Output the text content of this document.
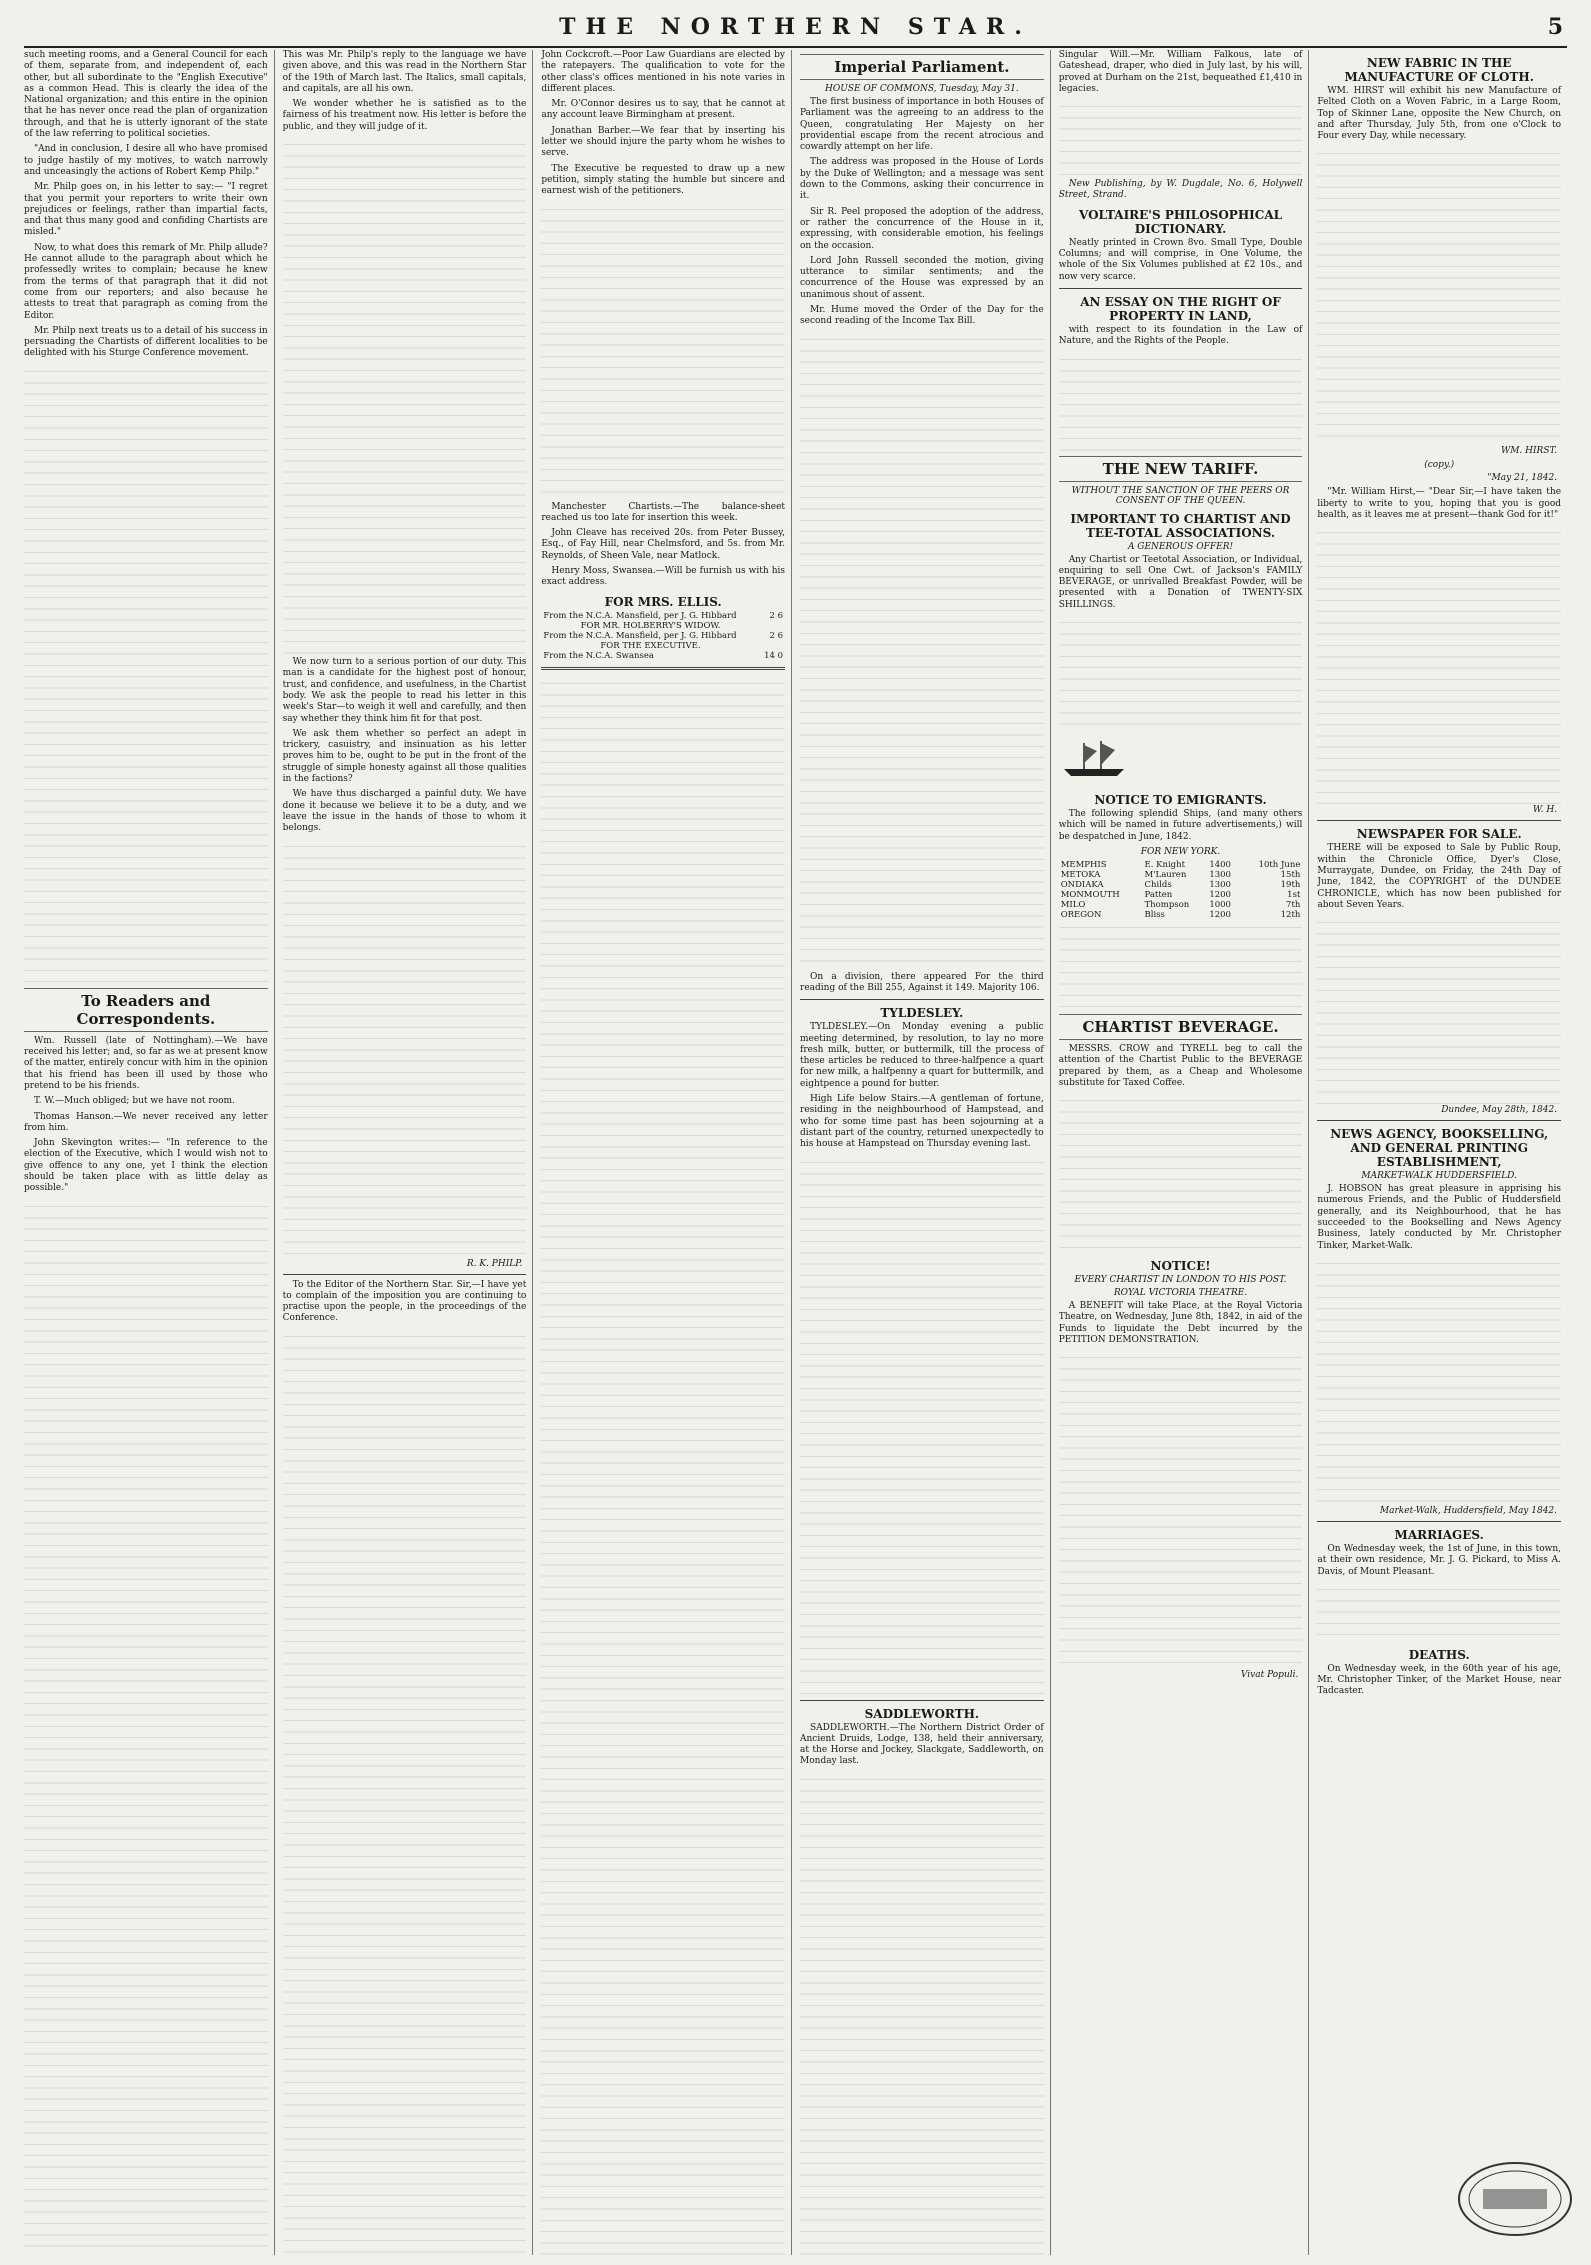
THE NORTHERN STAR.	5

such meeting rooms, and a General Council for each of them, separate from, and independent of, each other, but all subordinate to the "English Executive" as a common Head. This is clearly the idea of the National organization; and this entire in the opinion that he has never once read the plan of organization through, and that he is utterly ignorant of the state of the law referring to political societies.

"And in conclusion, I desire all who have promised to judge hastily of my motives, to watch narrowly and unceasingly the actions of Robert Kemp Philp."

Mr. Philp goes on, in his letter to say:— "I regret that you permit your reporters to write their own prejudices or feelings, rather than impartial facts, and that thus many good and confiding Chartists are misled."

Now, to what does this remark of Mr. Philp allude? He cannot allude to the paragraph about which he professedly writes to complain; because he knew from the terms of that paragraph that it did not come from our reporters; and also because he attests to treat that paragraph as coming from the Editor.

Mr. Philp next treats us to a detail of his success in persuading the Chartists of different localities to be delighted with his Sturge Conference movement.

To Readers and Correspondents.

Wm. Russell (late of Nottingham).—We have received his letter; and, so far as we at present know of the matter, entirely concur with him in the opinion that his friend has been ill used by those who pretend to be his friends.

T. W.—Much obliged; but we have not room.

Thomas Hanson.—We never received any letter from him.

John Skevington writes:— "In reference to the election of the Executive, which I would wish not to give offence to any one, yet I think the election should be taken place with as little delay as possible."

This was Mr. Philp's reply to the language we have given above, and this was read in the Northern Star of the 19th of March last. The Italics, small capitals, and capitals, are all his own.

We wonder whether he is satisfied as to the fairness of his treatment now. His letter is before the public, and they will judge of it.

We now turn to a serious portion of our duty. This man is a candidate for the highest post of honour, trust, and confidence, and usefulness, in the Chartist body. We ask the people to read his letter in this week's Star—to weigh it well and carefully, and then say whether they think him fit for that post.

We ask them whether so perfect an adept in trickery, casuistry, and insinuation as his letter proves him to be, ought to be put in the front of the struggle of simple honesty against all those qualities in the factions?

We have thus discharged a painful duty. We have done it because we believe it to be a duty, and we leave the issue in the hands of those to whom it belongs.

R. K. PHILP.

To the Editor of the Northern Star. Sir,—I have yet to complain of the imposition you are continuing to practise upon the people, in the proceedings of the Conference.

John Cockcroft.—Poor Law Guardians are elected by the ratepayers. The qualification to vote for the other class's offices mentioned in his note varies in different places.

Mr. O'Connor desires us to say, that he cannot at any account leave Birmingham at present.

Jonathan Barber.—We fear that by inserting his letter we should injure the party whom he wishes to serve.

The Executive be requested to draw up a new petition, simply stating the humble but sincere and earnest wish of the petitioners.

Manchester Chartists.—The balance-sheet reached us too late for insertion this week.

John Cleave has received 20s. from Peter Bussey, Esq., of Fay Hill, near Chelmsford, and 5s. from Mr. Reynolds, of Sheen Vale, near Matlock.

Henry Moss, Swansea.—Will be furnish us with his exact address.

FOR MRS. ELLIS.
From the N.C.A. Mansfield, per J. G. Hibbard	2 6
FOR MR. HOLBERRY'S WIDOW.	
From the N.C.A. Mansfield, per J. G. Hibbard	2 6
FOR THE EXECUTIVE.	
From the N.C.A. Swansea	14 0
Imperial Parliament.
HOUSE OF COMMONS, Tuesday, May 31.

The first business of importance in both Houses of Parliament was the agreeing to an address to the Queen, congratulating Her Majesty on her providential escape from the recent atrocious and cowardly attempt on her life.

The address was proposed in the House of Lords by the Duke of Wellington; and a message was sent down to the Commons, asking their concurrence in it.

Sir R. Peel proposed the adoption of the address, or rather the concurrence of the House in it, expressing, with considerable emotion, his feelings on the occasion.

Lord John Russell seconded the motion, giving utterance to similar sentiments; and the concurrence of the House was expressed by an unanimous shout of assent.

Mr. Hume moved the Order of the Day for the second reading of the Income Tax Bill.

On a division, there appeared For the third reading of the Bill 255, Against it 149. Majority 106.

TYLDESLEY.

TYLDESLEY.—On Monday evening a public meeting determined, by resolution, to lay no more fresh milk, butter, or buttermilk, till the process of these articles be reduced to three-halfpence a quart for new milk, a halfpenny a quart for buttermilk, and eightpence a pound for butter.

High Life below Stairs.—A gentleman of fortune, residing in the neighbourhood of Hampstead, and who for some time past has been sojourning at a distant part of the country, returned unexpectedly to his house at Hampstead on Thursday evening last.

SADDLEWORTH.

SADDLEWORTH.—The Northern District Order of Ancient Druids, Lodge, 138, held their anniversary, at the Horse and Jockey, Slackgate, Saddleworth, on Monday last.

Singular Will.—Mr. William Falkous, late of Gateshead, draper, who died in July last, by his will, proved at Durham on the 21st, bequeathed £1,410 in legacies.

New Publishing, by W. Dugdale, No. 6, Holywell Street, Strand.

VOLTAIRE'S PHILOSOPHICAL DICTIONARY.

Neatly printed in Crown 8vo. Small Type, Double Columns; and will comprise, in One Volume, the whole of the Six Volumes published at £2 10s., and now very scarce.

AN ESSAY ON THE RIGHT OF PROPERTY IN LAND,

with respect to its foundation in the Law of Nature, and the Rights of the People.

THE NEW TARIFF.
WITHOUT THE SANCTION OF THE PEERS OR CONSENT OF THE QUEEN.
IMPORTANT TO CHARTIST AND TEE-TOTAL ASSOCIATIONS.
A GENEROUS OFFER!

Any Chartist or Teetotal Association, or Individual, enquiring to sell One Cwt. of Jackson's FAMILY BEVERAGE, or unrivalled Breakfast Powder, will be presented with a Donation of TWENTY-SIX SHILLINGS.

NOTICE TO EMIGRANTS.

The following splendid Ships, (and many others which will be named in future advertisements,) will be despatched in June, 1842.

FOR NEW YORK.
MEMPHIS	E. Knight	1400	10th June
METOKA	M'Lauren	1300	15th
ONDIAKA	Childs	1300	19th
MONMOUTH	Patten	1200	1st
MILO	Thompson	1000	7th
OREGON	Bliss	1200	12th
CHARTIST BEVERAGE.

MESSRS. CROW and TYRELL beg to call the attention of the Chartist Public to the BEVERAGE prepared by them, as a Cheap and Wholesome substitute for Taxed Coffee.

NOTICE!
EVERY CHARTIST IN LONDON TO HIS POST.
ROYAL VICTORIA THEATRE.

A BENEFIT will take Place, at the Royal Victoria Theatre, on Wednesday, June 8th, 1842, in aid of the Funds to liquidate the Debt incurred by the PETITION DEMONSTRATION.

Vivat Populi.
NEW FABRIC IN THE MANUFACTURE OF CLOTH.

WM. HIRST will exhibit his new Manufacture of Felted Cloth on a Woven Fabric, in a Large Room, Top of Skinner Lane, opposite the New Church, on and after Thursday, July 5th, from one o'Clock to Four every Day, while necessary.

WM. HIRST.
(copy.)
"May 21, 1842.

"Mr. William Hirst,— "Dear Sir,—I have taken the liberty to write to you, hoping that you is good health, as it leaves me at present—thank God for it!"

W. H.
NEWSPAPER FOR SALE.

THERE will be exposed to Sale by Public Roup, within the Chronicle Office, Dyer's Close, Murraygate, Dundee, on Friday, the 24th Day of June, 1842, the COPYRIGHT of the DUNDEE CHRONICLE, which has now been published for about Seven Years.

Dundee, May 28th, 1842.
NEWS AGENCY, BOOKSELLING, AND GENERAL PRINTING ESTABLISHMENT,
MARKET-WALK HUDDERSFIELD.

J. HOBSON has great pleasure in apprising his numerous Friends, and the Public of Huddersfield generally, and its Neighbourhood, that he has succeeded to the Bookselling and News Agency Business, lately conducted by Mr. Christopher Tinker, Market-Walk.

Market-Walk, Huddersfield, May 1842.
MARRIAGES.

On Wednesday week, the 1st of June, in this town, at their own residence, Mr. J. G. Pickard, to Miss A. Davis, of Mount Pleasant.

DEATHS.

On Wednesday week, in the 60th year of his age, Mr. Christopher Tinker, of the Market House, near Tadcaster.
